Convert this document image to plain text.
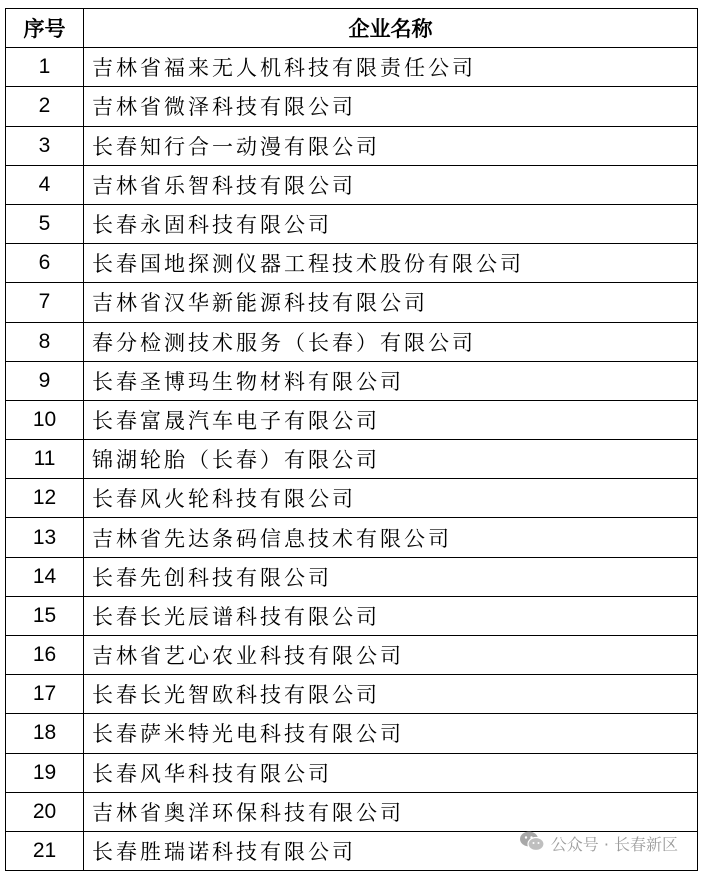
序号	企业名称
1	吉林省福来无人机科技有限责任公司
2	吉林省微泽科技有限公司
3	长春知行合一动漫有限公司
4	吉林省乐智科技有限公司
5	长春永固科技有限公司
6	长春国地探测仪器工程技术股份有限公司
7	吉林省汉华新能源科技有限公司
8	春分检测技术服务（长春）有限公司
9	长春圣博玛生物材料有限公司
10	长春富晟汽车电子有限公司
11	锦湖轮胎（长春）有限公司
12	长春风火轮科技有限公司
13	吉林省先达条码信息技术有限公司
14	长春先创科技有限公司
15	长春长光辰谱科技有限公司
16	吉林省艺心农业科技有限公司
17	长春长光智欧科技有限公司
18	长春萨米特光电科技有限公司
19	长春风华科技有限公司
20	吉林省奥洋环保科技有限公司
21	长春胜瑞诺科技有限公司	公众号 · 长春新区
